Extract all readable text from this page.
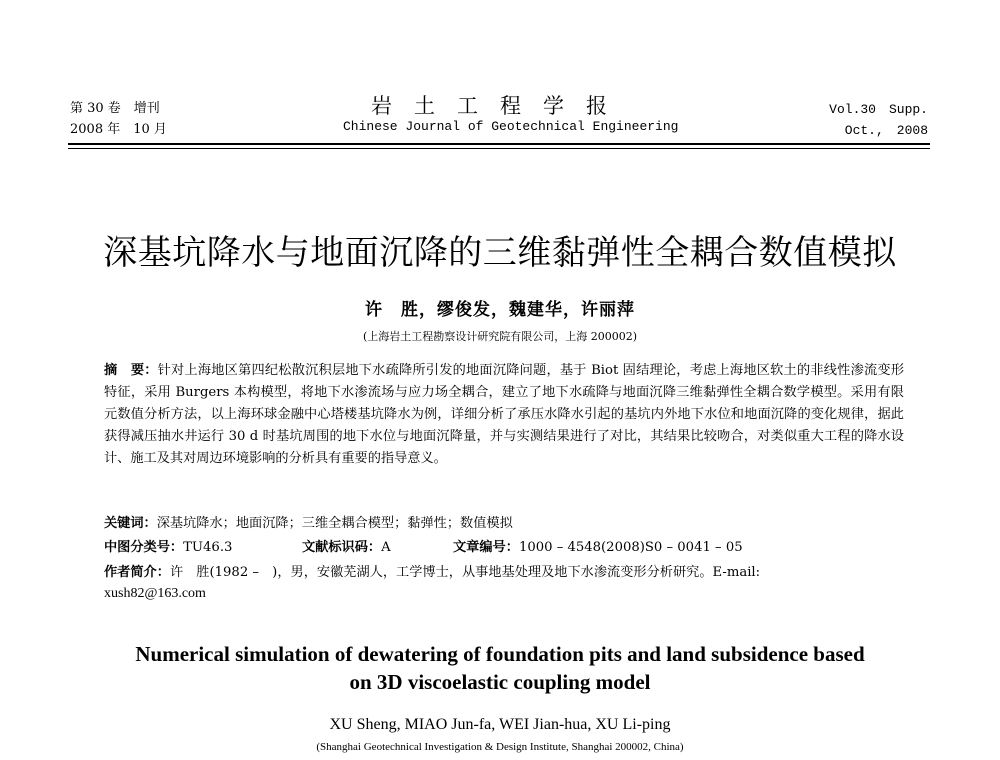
第 30 卷　增刊
2008 年　10 月
岩土工程学报
Chinese Journal of Geotechnical Engineering
Vol.30　Supp.
Oct.,　2008
深基坑降水与地面沉降的三维黏弹性全耦合数值模拟
许　胜，缪俊发，魏建华，许丽萍
(上海岩土工程勘察设计研究院有限公司，上海 200002)
摘　要：针对上海地区第四纪松散沉积层地下水疏降所引发的地面沉降问题，基于 Biot 固结理论，考虑上海地区软土的非线性渗流变形特征，采用 Burgers 本构模型，将地下水渗流场与应力场全耦合，建立了地下水疏降与地面沉降三维黏弹性全耦合数学模型。采用有限元数值分析方法，以上海环球金融中心塔楼基坑降水为例，详细分析了承压水降水引起的基坑内外地下水位和地面沉降的变化规律，据此获得减压抽水井运行 30 d 时基坑周围的地下水位与地面沉降量，并与实测结果进行了对比，其结果比较吻合，对类似重大工程的降水设计、施工及其对周边环境影响的分析具有重要的指导意义。
关键词：深基坑降水；地面沉降；三维全耦合模型；黏弹性；数值模拟
中图分类号：TU46.3	文献标识码：A	文章编号：1000 – 4548(2008)S0 – 0041 – 05
作者简介：许　胜(1982 –　)，男，安徽芜湖人，工学博士，从事地基处理及地下水渗流变形分析研究。E-mail:
xush82@163.com
Numerical simulation of dewatering of foundation pits and land subsidence based
on 3D viscoelastic coupling model
XU Sheng, MIAO Jun-fa, WEI Jian-hua, XU Li-ping
(Shanghai Geotechnical Investigation & Design Institute, Shanghai 200002, China)
